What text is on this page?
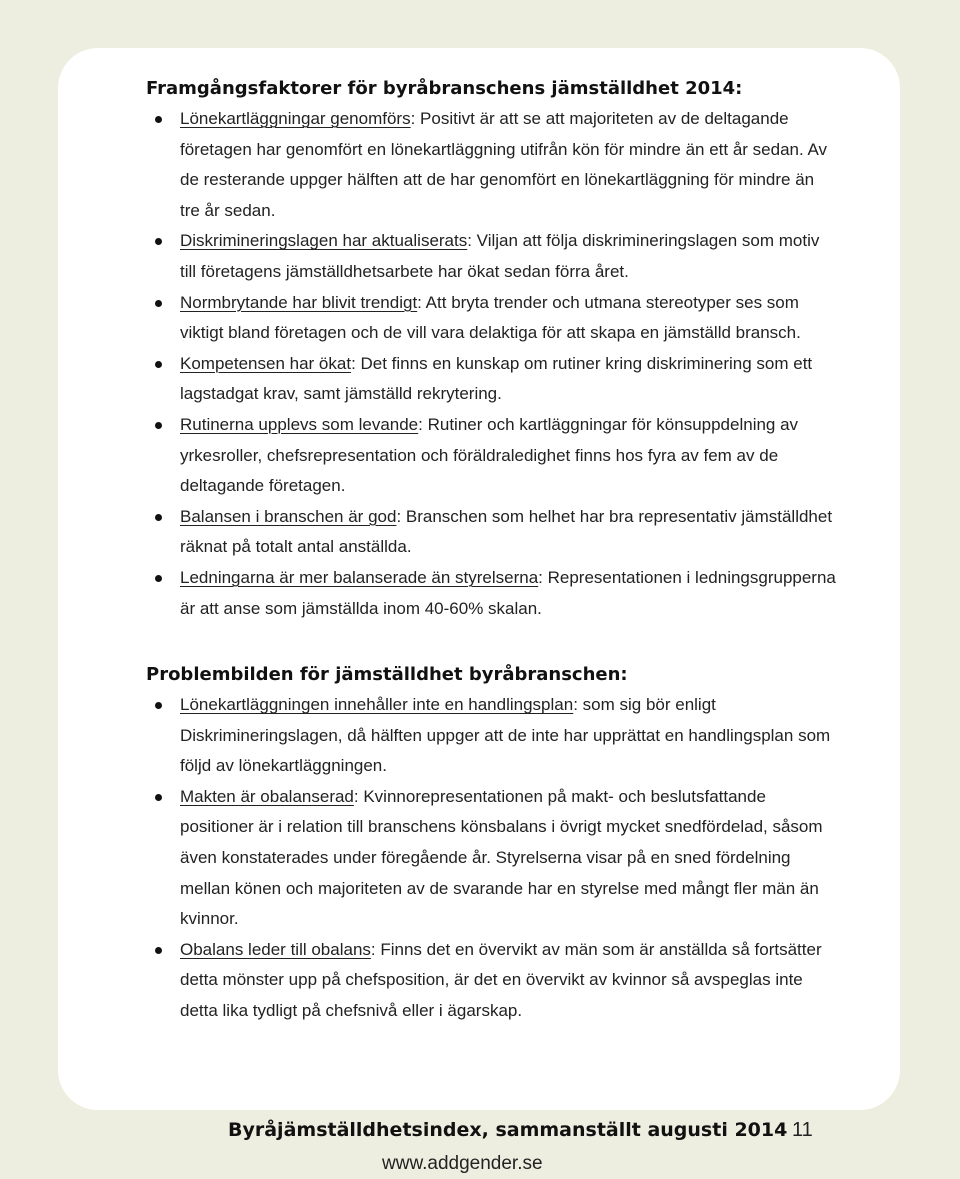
Framgångsfaktorer för byråbranschens jämställdhet 2014:
Lönekartläggningar genomförs: Positivt är att se att majoriteten av de deltagande företagen har genomfört en lönekartläggning utifrån kön för mindre än ett år sedan. Av de resterande uppger hälften att de har genomfört en lönekartläggning för mindre än tre år sedan.
Diskrimineringslagen har aktualiserats: Viljan att följa diskrimineringslagen som motiv till företagens jämställdhetsarbete har ökat sedan förra året.
Normbrytande har blivit trendigt: Att bryta trender och utmana stereotyper ses som viktigt bland företagen och de vill vara delaktiga för att skapa en jämställd bransch.
Kompetensen har ökat: Det finns en kunskap om rutiner kring diskriminering som ett lagstadgat krav, samt jämställd rekrytering.
Rutinerna upplevs som levande: Rutiner och kartläggningar för könsuppdelning av yrkesroller, chefsrepresentation och föräldraledighet finns hos fyra av fem av de deltagande företagen.
Balansen i branschen är god: Branschen som helhet har bra representativ jämställdhet räknat på totalt antal anställda.
Ledningarna är mer balanserade än styrelserna: Representationen i ledningsgrupperna är att anse som jämställda inom 40-60% skalan.
Problembilden för jämställdhet byråbranschen:
Lönekartläggningen innehåller inte en handlingsplan: som sig bör enligt Diskrimineringslagen, då hälften uppger att de inte har upprättat en handlingsplan som följd av lönekartläggningen.
Makten är obalanserad: Kvinnorepresentationen på makt- och beslutsfattande positioner är i relation till branschens könsbalans i övrigt mycket snedfördelad, såsom även konstaterades under föregående år. Styrelserna visar på en sned fördelning mellan könen och majoriteten av de svarande har en styrelse med mångt fler män än kvinnor.
Obalans leder till obalans: Finns det en övervikt av män som är anställda så fortsätter detta mönster upp på chefsposition, är det en övervikt av kvinnor så avspeglas inte detta lika tydligt på chefsnivå eller i ägarskap.
Byråjämställdhetsindex, sammanställt augusti 2014 11
www.addgender.se
